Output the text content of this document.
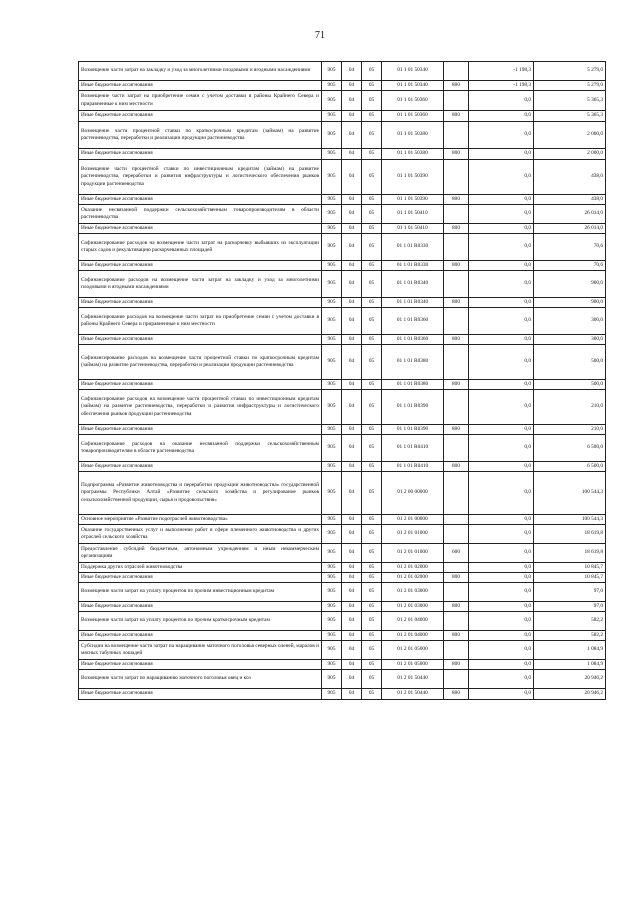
71
Возмещение части затрат на закладку и уход за многолетними плодовыми и ягодными насаждениями	905	04	05	01 1 01 50340		-1 198,3	5 279,0
Иные бюджетные ассигнования	905	04	05	01 1 01 50340	800	-1 198,3	5 279,0
Возмещение части затрат на приобретение семян с учетом доставки в районы Крайнего Севера и приравненные к ним местности	905	04	05	01 1 01 50360		0,0	5 365,3
Иные бюджетные ассигнования	905	04	05	01 1 01 50360	800	0,0	5 365,3
Возмещение части процентной ставки по краткосрочным кредитам (займам) на развитие растениеводства, переработки и реализации продукции растениеводства	905	04	05	01 1 01 50380		0,0	2 000,0
Иные бюджетные ассигнования	905	04	05	01 1 01 50380	800	0,0	2 000,0
Возмещение части процентной ставки по инвестиционным кредитам (займам) на развитие растениеводства, переработки и развития инфраструктуры и логистического обеспечения рынков продукции растениеводства	905	04	05	01 1 01 50390		0,0	438,0
Иные бюджетные ассигнования	905	04	05	01 1 01 50390	800	0,0	438,0
Оказание несвязанной поддержки сельскохозяйственным товаропроизводителям в области растениеводства	905	04	05	01 1 01 50410		0,0	26 014,0
Иные бюджетные ассигнования	905	04	05	01 1 01 50410	800	0,0	26 014,0
Софинансирование расходов на возмещение части затрат на раскорчевку выбывших из эксплуатации старых садов и рекультивацию раскорчеванных площадей	905	04	05	01 1 01 R0330		0,0	70,6
Иные бюджетные ассигнования	905	04	05	01 1 01 R0330	800	0,0	70,6
Софинансирование расходов на возмещение части затрат на закладку и уход за многолетними плодовыми и ягодными насаждениями	905	04	05	01 1 01 R0340		0,0	900,0
Иные бюджетные ассигнования	905	04	05	01 1 01 R0340	800	0,0	900,0
Софинансирование расходов на возмещение части затрат на приобретение семян с учетом доставки в районы Крайнего Севера и приравненные к ним местности	905	04	05	01 1 01 R0360		0,0	300,0
Иные бюджетные ассигнования	905	04	05	01 1 01 R0360	800	0,0	300,0
Софинансирование расходов на возмещение части процентной ставки по краткосрочным кредитам (займам) на развитие растениеводства, переработки и реализации продукции растениеводства	905	04	05	01 1 01 R0380		0,0	500,0
Иные бюджетные ассигнования	905	04	05	01 1 01 R0380	800	0,0	500,0
Софинансирование расходов на возмещение части процентной ставки по инвестиционным кредитам (займам) на развитие растениеводства, переработки и развития инфраструктуры и логистического обеспечения рынков продукции растениеводства	905	04	05	01 1 01 R0390		0,0	210,0
Иные бюджетные ассигнования	905	04	05	01 1 01 R0390	800	0,0	210,0
Софинансирование расходов на оказание несвязанной поддержки сельскохозяйственным товаропроизводителям в области растениеводства	905	04	05	01 1 01 R0410		0,0	6 500,0
Иные бюджетные ассигнования	905	04	05	01 1 01 R0410	800	0,0	6 500,0
Подпрограмма «Развитие животноводства и переработки продукции животноводства» государственной программы Республики Алтай «Развитие сельского хозяйства и регулирование рынков сельскохозяйственной продукции, сырья и продовольствия»	905	04	05	01 2 00 00000		0,0	100 544,3
Основное мероприятие «Развитие подотраслей животноводства»	905	04	05	01 2 01 00000		0,0	100 544,3
Оказание государственных услуг и выполнение работ в сфере племенного животноводства и других отраслей сельского хозяйства	905	04	05	01 2 01 01000		0,0	18 619,8
Предоставление субсидий бюджетным, автономным учреждениям и иным некоммерческим организациям	905	04	05	01 2 01 01000	600	0,0	18 619,8
Поддержка других отраслей животноводства	905	04	05	01 2 01 02000		0,0	10 845,7
Иные бюджетные ассигнования	905	04	05	01 2 01 02000	800	0,0	10 845,7
Возмещение части затрат на уплату процентов по прочим инвестиционным кредитам	905	04	05	01 2 01 03000		0,0	97,0
Иные бюджетные ассигнования	905	04	05	01 2 01 03000	800	0,0	97,0
Возмещение части затрат на уплату процентов по прочим краткосрочным кредитам	905	04	05	01 2 01 04000		0,0	582,2
Иные бюджетные ассигнования	905	04	05	01 2 01 04000	800	0,0	582,2
Субсидии на возмещение части затрат на наращивание маточного поголовья северных оленей, маралов и мясных табунных лошадей	905	04	05	01 2 01 05000		0,0	1 084,9
Иные бюджетные ассигнования	905	04	05	01 2 01 05000	800	0,0	1 084,9
Возмещение части затрат по наращиванию маточного поголовья овец и коз	905	04	05	01 2 01 50440		0,0	20 946,2
Иные бюджетные ассигнования	905	04	05	01 2 01 50440	800	0,0	20 946,2
